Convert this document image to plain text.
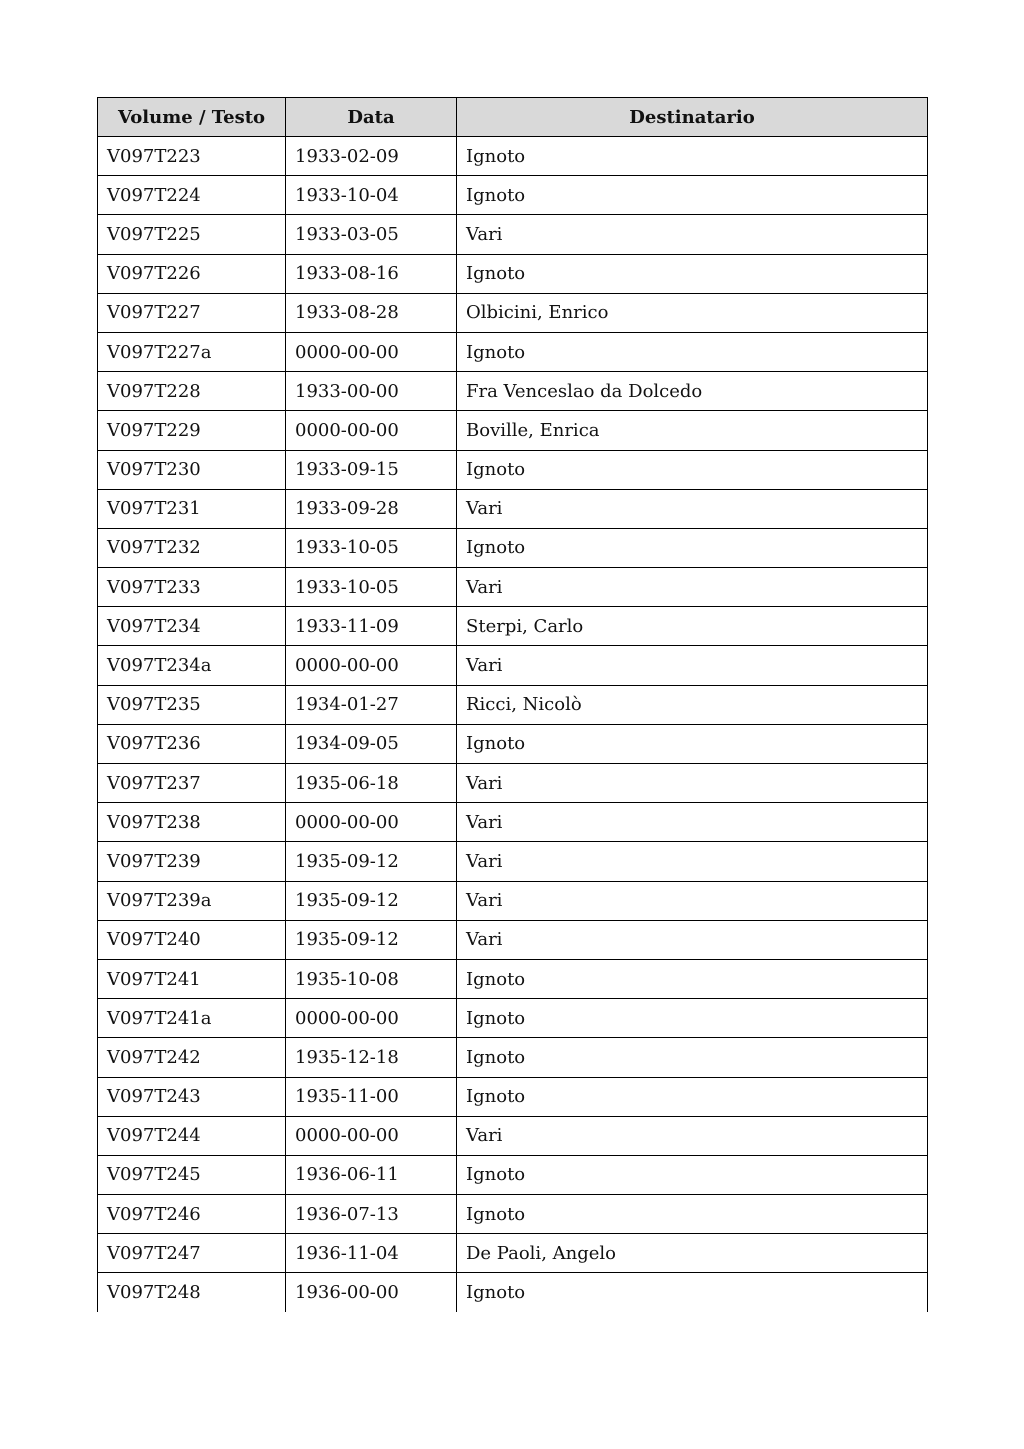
Volume / Testo	Data	Destinatario
V097T223	1933-02-09	Ignoto
V097T224	1933-10-04	Ignoto
V097T225	1933-03-05	Vari
V097T226	1933-08-16	Ignoto
V097T227	1933-08-28	Olbicini, Enrico
V097T227a	0000-00-00	Ignoto
V097T228	1933-00-00	Fra Venceslao da Dolcedo
V097T229	0000-00-00	Boville, Enrica
V097T230	1933-09-15	Ignoto
V097T231	1933-09-28	Vari
V097T232	1933-10-05	Ignoto
V097T233	1933-10-05	Vari
V097T234	1933-11-09	Sterpi, Carlo
V097T234a	0000-00-00	Vari
V097T235	1934-01-27	Ricci, Nicolò
V097T236	1934-09-05	Ignoto
V097T237	1935-06-18	Vari
V097T238	0000-00-00	Vari
V097T239	1935-09-12	Vari
V097T239a	1935-09-12	Vari
V097T240	1935-09-12	Vari
V097T241	1935-10-08	Ignoto
V097T241a	0000-00-00	Ignoto
V097T242	1935-12-18	Ignoto
V097T243	1935-11-00	Ignoto
V097T244	0000-00-00	Vari
V097T245	1936-06-11	Ignoto
V097T246	1936-07-13	Ignoto
V097T247	1936-11-04	De Paoli, Angelo
V097T248	1936-00-00	Ignoto
